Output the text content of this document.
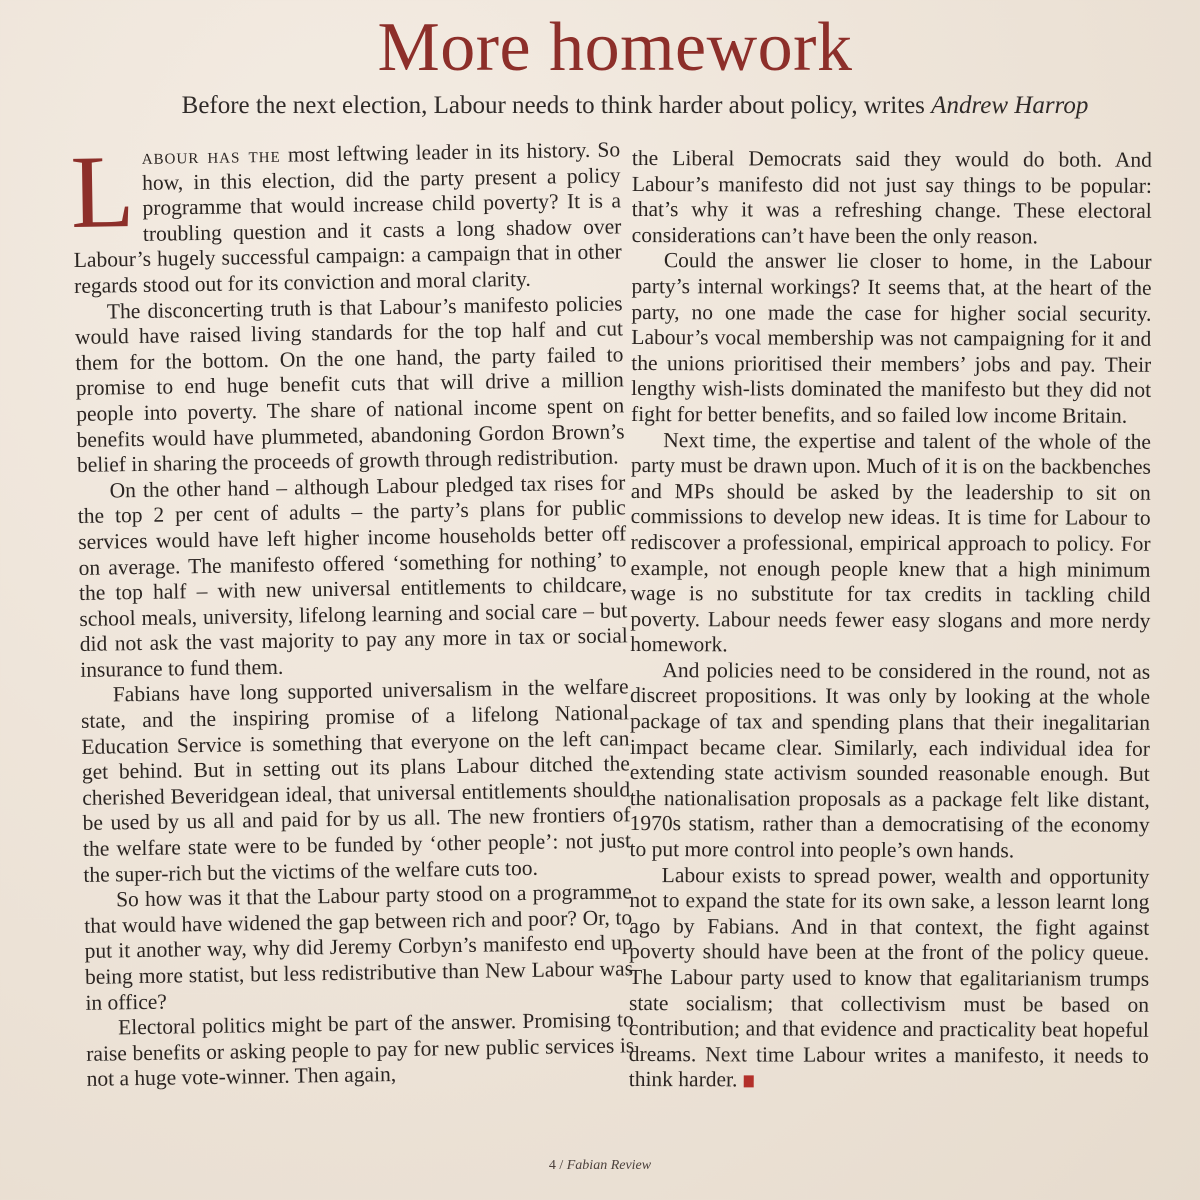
More homework
Before the next election, Labour needs to think harder about policy, writes Andrew Harrop

Labour has the most leftwing leader in its history. So how, in this election, did the party present a policy programme that would increase child poverty? It is a troubling question and it casts a long shadow over Labour’s hugely successful campaign: a campaign that in other regards stood out for its conviction and moral clarity.

The disconcerting truth is that Labour’s manifesto policies would have raised living standards for the top half and cut them for the bottom. On the one hand, the party failed to promise to end huge benefit cuts that will drive a million people into poverty. The share of national income spent on benefits would have plummeted, abandoning Gordon Brown’s belief in sharing the proceeds of growth through redistribution.

On the other hand – although Labour pledged tax rises for the top 2 per cent of adults – the party’s plans for public services would have left higher income households better off on average. The manifesto offered ‘something for nothing’ to the top half – with new universal entitlements to childcare, school meals, university, lifelong learning and social care – but did not ask the vast majority to pay any more in tax or social insurance to fund them.

Fabians have long supported universalism in the welfare state, and the inspiring promise of a lifelong National Education Service is something that everyone on the left can get behind. But in setting out its plans Labour ditched the cherished Beveridgean ideal, that universal entitlements should be used by us all and paid for by us all. The new frontiers of the welfare state were to be funded by ‘other people’: not just the super-rich but the victims of the welfare cuts too.

So how was it that the Labour party stood on a programme that would have widened the gap between rich and poor? Or, to put it another way, why did Jeremy Corbyn’s manifesto end up being more statist, but less redistributive than New Labour was in office?

Electoral politics might be part of the answer. Promising to raise benefits or asking people to pay for new public services is not a huge vote-winner. Then again,

the Liberal Democrats said they would do both. And Labour’s manifesto did not just say things to be popular: that’s why it was a refreshing change. These electoral considerations can’t have been the only reason.

Could the answer lie closer to home, in the Labour party’s internal workings? It seems that, at the heart of the party, no one made the case for higher social security. Labour’s vocal membership was not campaigning for it and the unions prioritised their members’ jobs and pay. Their lengthy wish-lists dominated the manifesto but they did not fight for better benefits, and so failed low income Britain.

Next time, the expertise and talent of the whole of the party must be drawn upon. Much of it is on the backbenches and MPs should be asked by the leadership to sit on commissions to develop new ideas. It is time for Labour to rediscover a professional, empirical approach to policy. For example, not enough people knew that a high minimum wage is no substitute for tax credits in tackling child poverty. Labour needs fewer easy slogans and more nerdy homework.

And policies need to be considered in the round, not as discreet propositions. It was only by looking at the whole package of tax and spending plans that their inegalitarian impact became clear. Similarly, each individual idea for extending state activism sounded reasonable enough. But the nationalisation proposals as a package felt like distant, 1970s statism, rather than a democratising of the economy to put more control into people’s own hands.

Labour exists to spread power, wealth and opportunity not to expand the state for its own sake, a lesson learnt long ago by Fabians. And in that context, the fight against poverty should have been at the front of the policy queue. The Labour party used to know that egalitarianism trumps state socialism; that collectivism must be based on contribution; and that evidence and practicality beat hopeful dreams. Next time Labour writes a manifesto, it needs to think harder.

4 / Fabian Review
